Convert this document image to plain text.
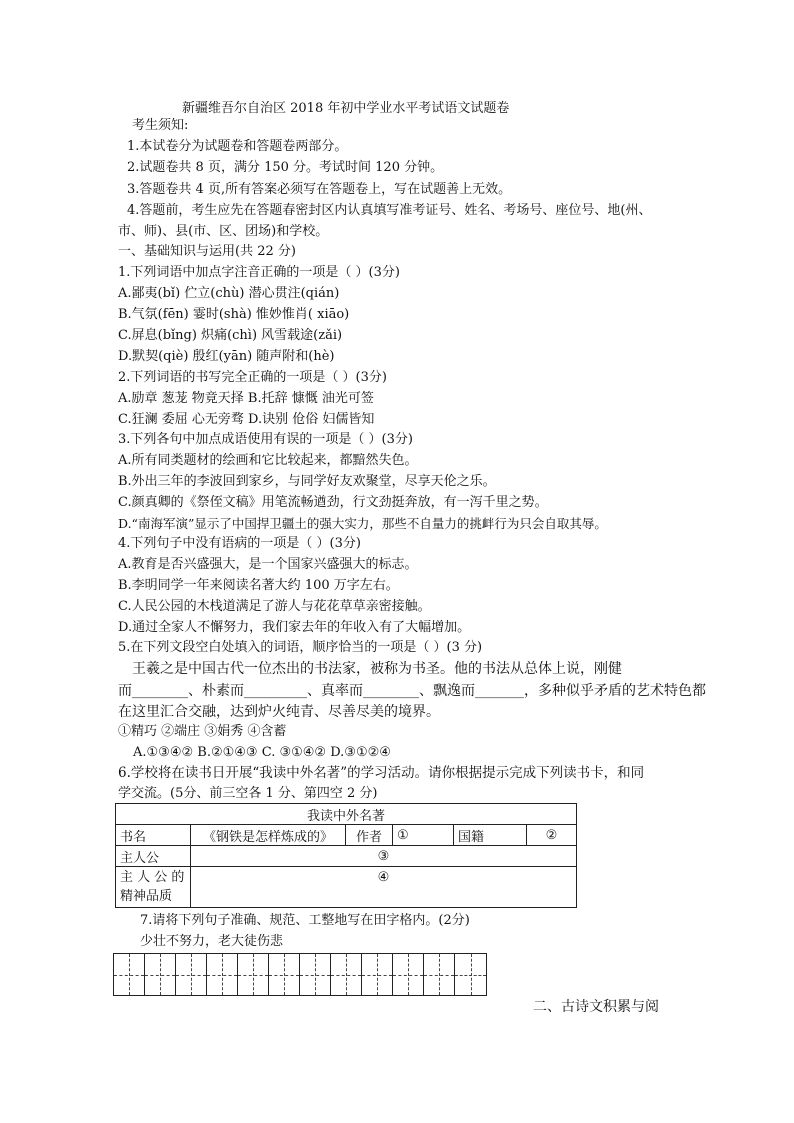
新疆维吾尔自治区 2018 年初中学业水平考试语文试题卷
考生须知:
1.本试卷分为试题卷和答题卷两部分。
2.试题卷共 8 页，满分 150 分。考试时间 120 分钟。
3.答题卷共 4 页,所有答案必须写在答题卷上，写在试题善上无效。
4.答题前，考生应先在答题春密封区内认真填写准考证号、姓名、考场号、座位号、地(州、
市、师)、县(市、区、团场)和学校。
一、基础知识与运用(共 22 分)
1.下列词语中加点字注音正确的一项是（ ）(3分)
A.鄙夷(bǐ) 伫立(chù) 潜心贯注(qián)
B.气氛(fēn) 霎时(shà) 惟妙惟肖( xiāo)
C.屏息(bǐng) 炽痛(chì) 风雪载途(zǎi)
D.默契(qiè) 殷红(yān) 随声附和(hè)
2.下列词语的书写完全正确的一项是（ ）(3分)
A.励章 葱茏 物竟天择 B.托辞 慷慨 油光可签
C.狂澜 委屈 心无旁骛 D.诀别 伧俗 妇儒皆知
3.下列各句中加点成语使用有误的一项是（ ）(3分)
A.所有同类题材的绘画和它比较起来，都黯然失色。
B.外出三年的李波回到家乡，与同学好友欢聚堂，尽享天伦之乐。
C.颜真卿的《祭侄文稿》用笔流畅遒劲，行文劲挺奔放，有一泻千里之势。
D.“南海军演”显示了中国捍卫疆土的强大实力，那些不自量力的挑衅行为只会自取其辱。
4.下列句子中没有语病的一项是（ ）(3分)
A.教育是否兴盛强大，是一个国家兴盛强大的标志。
B.李明同学一年来阅读名著大约 100 万字左右。
C.人民公园的木栈道满足了游人与花花草草亲密接触。
D.通过全家人不懈努力，我们家去年的年收入有了大幅增加。
5.在下列文段空白处填入的词语，顺序恰当的一项是（ ）(3 分)
王羲之是中国古代一位杰出的书法家，被称为书圣。他的书法从总体上说，刚健
而________、朴素而_________、真率而________、飘逸而_______，多种似乎矛盾的艺术特色都
在这里汇合交融，达到炉火纯青、尽善尽美的境界。
①精巧 ②端庄 ③娟秀 ④含蓄
A.①③④② B.②①④③ C. ③①④② D.③①②④
6.学校将在读书日开展“我读中外名著”的学习活动。请你根据提示完成下列读书卡，和同
学交流。(5分、前三空各 1 分、第四空 2 分)
我读中外名著					
书名	《钢铁是怎样炼成的》	作者	①	国籍	②
主人公	③				

主 人 公 的
精神品质	④				
7.请将下列句子准确、规范、工整地写在田字格内。(2分)
少壮不努力，老大徒伤悲
二、古诗文积累与阅
